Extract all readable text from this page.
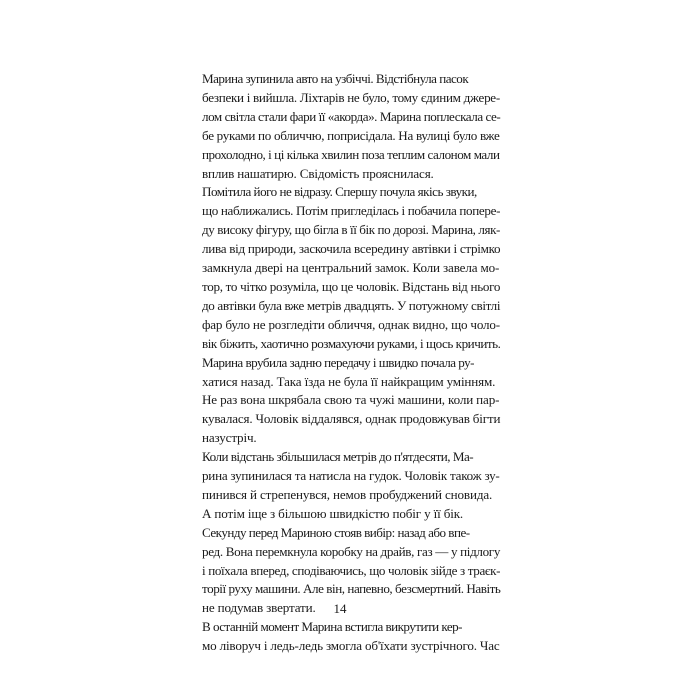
Марина зупинила авто на узбіччі. Відстібнула пасок
безпеки і вийшла. Ліхтарів не було, тому єдиним джере-
лом світла стали фари її «акорда». Марина поплескала се-
бе руками по обличчю, поприсідала. На вулиці було вже
прохолодно, і ці кілька хвилин поза теплим салоном мали
вплив нашатирю. Свідомість прояснилася.

Помітила його не відразу. Спершу почула якісь звуки,
що наближались. Потім пригледілась і побачила попере-
ду високу фігуру, що бігла в її бік по дорозі. Марина, ляк-
лива від природи, заскочила всередину автівки і стрімко
замкнула двері на центральний замок. Коли завела мо-
тор, то чітко розуміла, що це чоловік. Відстань від нього
до автівки була вже метрів двадцять. У потужному світлі
фар було не розгледіти обличчя, однак видно, що чоло-
вік біжить, хаотично розмахуючи руками, і щось кричить.

Марина врубила задню передачу і швидко почала ру-
хатися назад. Така їзда не була її найкращим умінням.
Не раз вона шкрябала свою та чужі машини, коли пар-
кувалася. Чоловік віддалявся, однак продовжував бігти
назустріч.

Коли відстань збільшилася метрів до п'ятдесяти, Ма-
рина зупинилася та натисла на гудок. Чоловік також зу-
пинився й стрепенувся, немов пробуджений сновида.
А потім іще з більшою швидкістю побіг у її бік.

Секунду перед Мариною стояв вибір: назад або впе-
ред. Вона перемкнула коробку на драйв, газ — у підлогу
і поїхала вперед, сподіваючись, що чоловік зійде з траєк-
торії руху машини. Але він, напевно, безсмертний. Навіть
не подумав звертати.

В останній момент Марина встигла викрутити кер-
мо ліворуч і ледь-ледь змогла об'їхати зустрічного. Час

14
